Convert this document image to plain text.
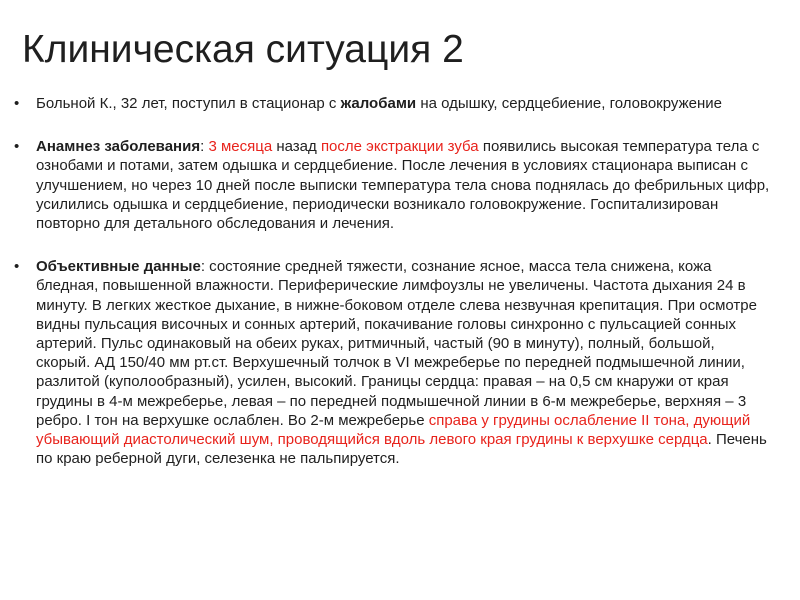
Клиническая ситуация 2
• Больной К., 32 лет, поступил в стационар с жалобами на одышку, сердцебиение, головокружение
• Анамнез заболевания: 3 месяца назад после экстракции зуба появились высокая температура тела с ознобами и потами, затем одышка и сердцебиение. После лечения в условиях стационара выписан с улучшением, но через 10 дней после выписки температура тела снова поднялась до фебрильных цифр, усилились одышка и сердцебиение, периодически возникало головокружение. Госпитализирован повторно для детального обследования и лечения.
• Объективные данные: состояние средней тяжести, сознание ясное, масса тела снижена, кожа бледная, повышенной влажности. Периферические лимфоузлы не увеличены. Частота дыхания 24 в минуту. В легких жесткое дыхание, в нижне-боковом отделе слева незвучная крепитация. При осмотре видны пульсация височных и сонных артерий, покачивание головы синхронно с пульсацией сонных артерий. Пульс одинаковый на обеих руках, ритмичный, частый (90 в минуту), полный, большой, скорый. АД 150/40 мм рт.ст. Верхушечный толчок в VI межреберье по передней подмышечной линии, разлитой (куполообразный), усилен, высокий. Границы сердца: правая – на 0,5 см кнаружи от края грудины в 4-м межреберье, левая – по передней подмышечной линии в 6-м межреберье, верхняя – 3 ребро. I тон на верхушке ослаблен. Во 2-м межреберье справа у грудины ослабление II тона, дующий убывающий диастолический шум, проводящийся вдоль левого края грудины к верхушке сердца. Печень по краю реберной дуги, селезенка не пальпируется.
